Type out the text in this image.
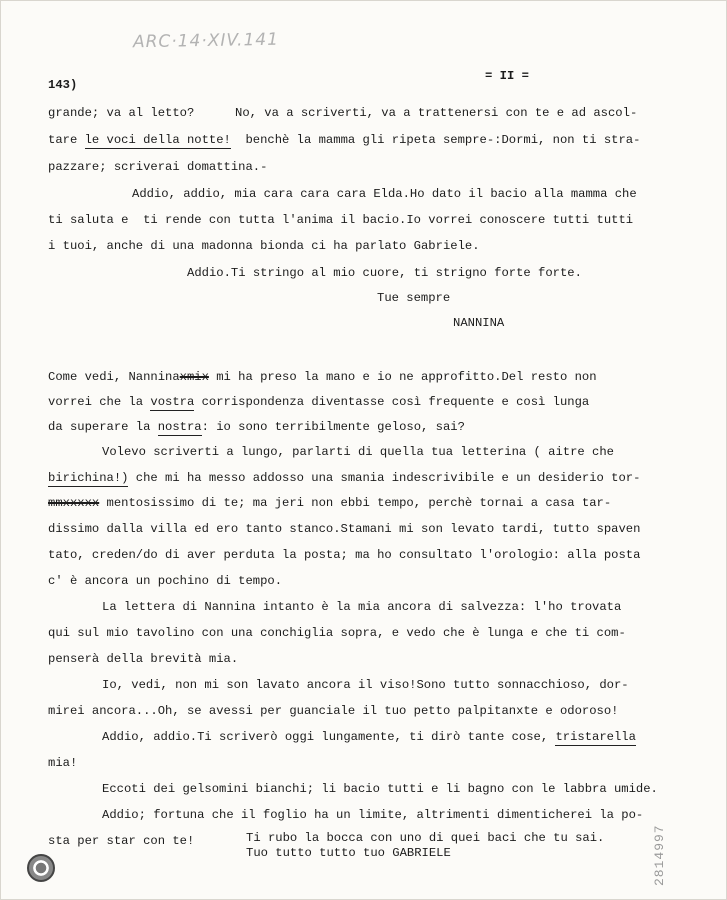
ARC·14·XIV.141
143)
= II =
grande; va al letto?	No, va a scriverti, va a trattenersi con te e ad ascol-
tare le voci della notte!  benchè la mamma gli ripeta sempre-:Dormi, non ti stra-
pazzare; scriverai domattina.-
Addio, addio, mia cara cara cara Elda.Ho dato il bacio alla mamma che
ti saluta e  ti rende con tutta l'anima il bacio.Io vorrei conoscere tutti tutti
i tuoi, anche di una madonna bionda ci ha parlato Gabriele.
Addio.Ti stringo al mio cuore, ti strigno forte forte.
Tue sempre
NANNINA
Come vedi, Nanninaxmix mi ha preso la mano e io ne approfitto.Del resto non
vorrei che la vostra corrispondenza diventasse così frequente e così lunga
da superare la nostra: io sono terribilmente geloso, sai?
Volevo scriverti a lungo, parlarti di quella tua letterina ( aitre che
birichina!) che mi ha messo addosso una smania indescrivibile e un desiderio tor-
mmxxxxx mentosissimo di te; ma jeri non ebbi tempo, perchè tornai a casa tar-
dissimo dalla villa ed ero tanto stanco.Stamani mi son levato tardi, tutto spaven
tato, creden/do di aver perduta la posta; ma ho consultato l'orologio: alla posta
c' è ancora un pochino di tempo.
La lettera di Nannina intanto è la mia ancora di salvezza: l'ho trovata
qui sul mio tavolino con una conchiglia sopra, e vedo che è lunga e che ti com-
penserà della brevità mia.
Io, vedi, non mi son lavato ancora il viso!Sono tutto sonnacchioso, dor-
mirei ancora...Oh, se avessi per guanciale il tuo petto palpitanxte e odoroso!
Addio, addio.Ti scriverò oggi lungamente, ti dirò tante cose, tristarella
mia!
Eccoti dei gelsomini bianchi; li bacio tutti e li bagno con le labbra umide.
Addio; fortuna che il foglio ha un limite, altrimenti dimenticherei la po-
sta per star con te!	Ti rubo la bocca con uno di quei baci che tu sai.
Tuo tutto tutto tuo GABRIELE	2814997
